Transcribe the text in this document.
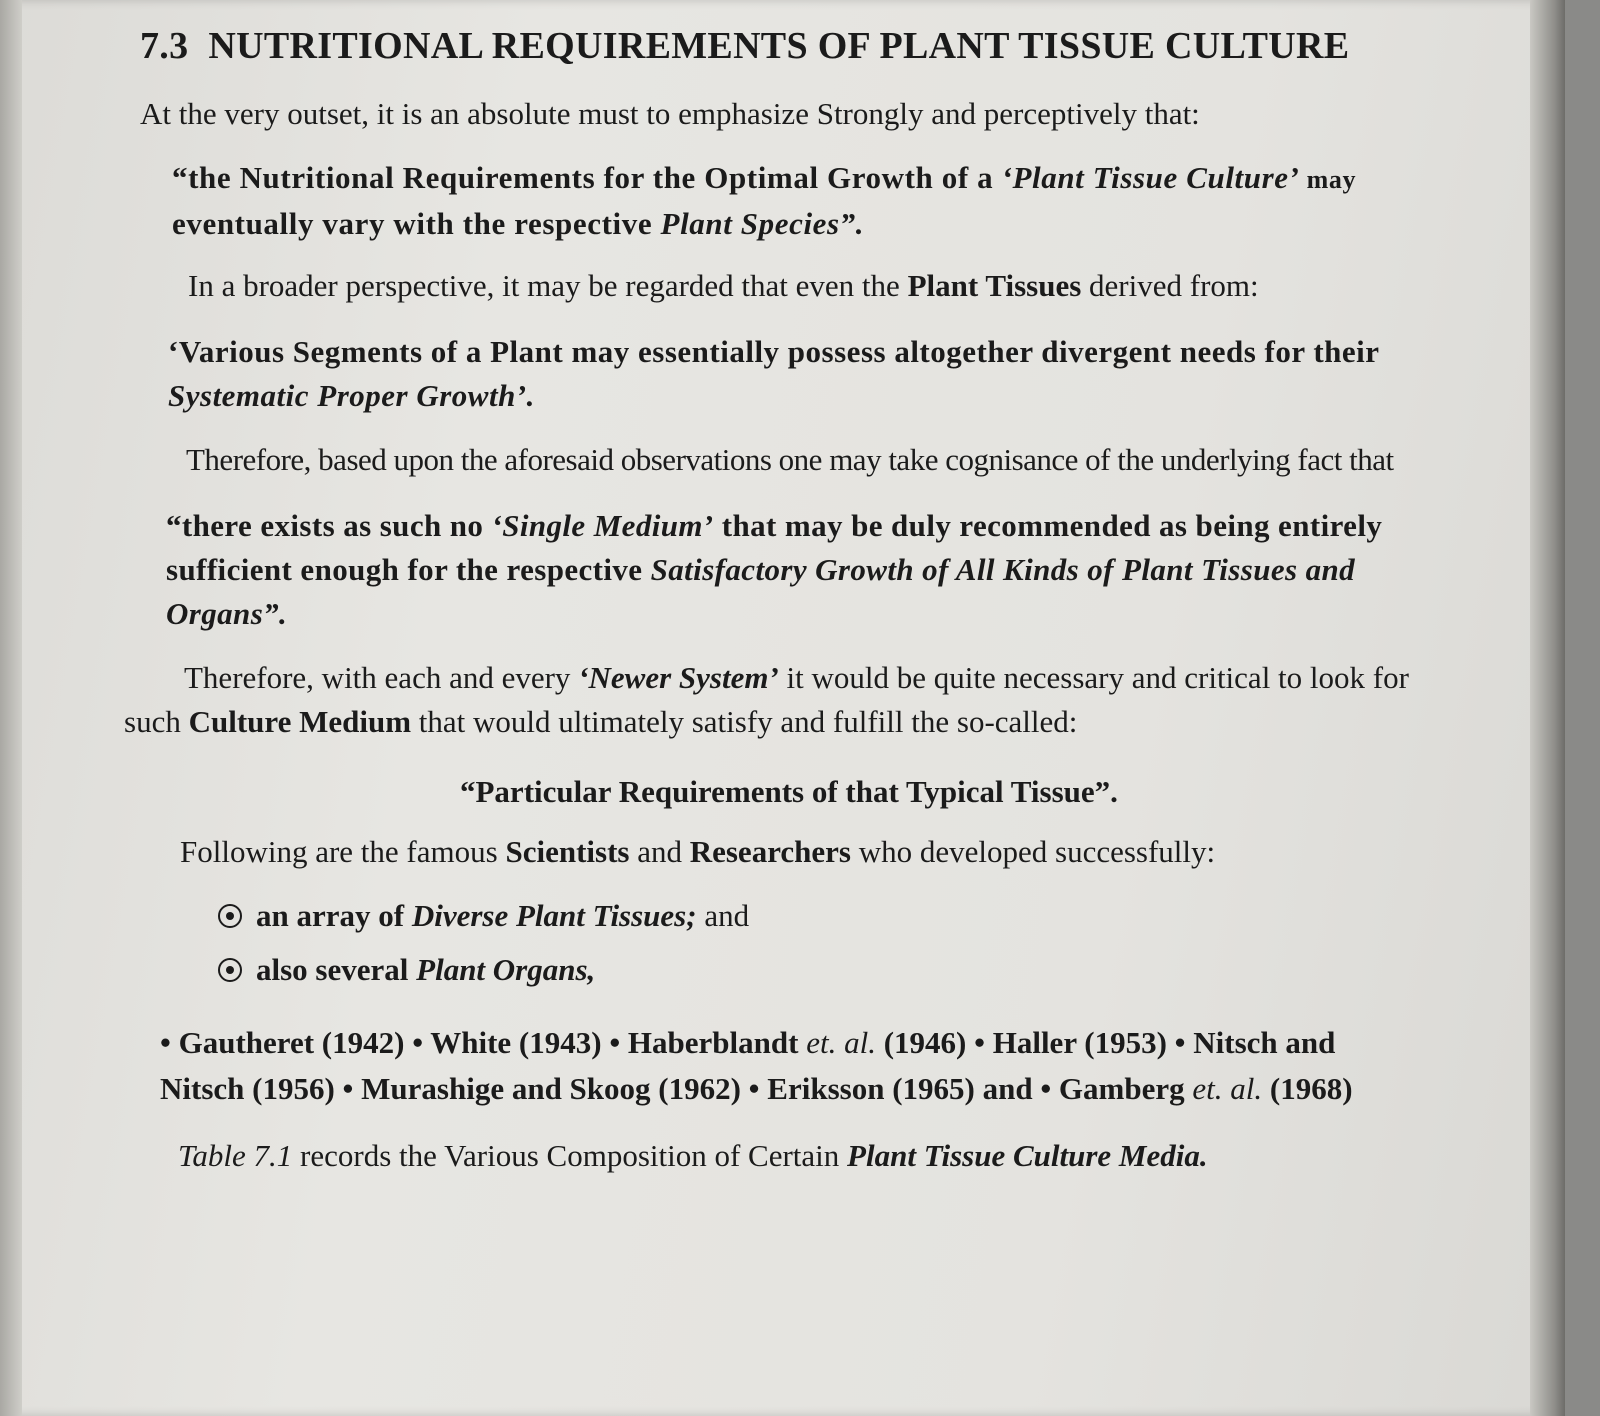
7.3 NUTRITIONAL REQUIREMENTS OF PLANT TISSUE CULTURE

At the very outset, it is an absolute must to emphasize Strongly and perceptively that:

“the Nutritional Requirements for the Optimal Growth of a ‘Plant Tissue Culture’ may
eventually vary with the respective Plant Species”.

In a broader perspective, it may be regarded that even the Plant Tissues derived from:

‘Various Segments of a Plant may essentially possess altogether divergent needs for their
Systematic Proper Growth’.

Therefore, based upon the aforesaid observations one may take cognisance of the underlying fact that

“there exists as such no ‘Single Medium’ that may be duly recommended as being entirely
sufficient enough for the respective Satisfactory Growth of All Kinds of Plant Tissues and
Organs”.

Therefore, with each and every ‘Newer System’ it would be quite necessary and critical to look for
such Culture Medium that would ultimately satisfy and fulfill the so-called:

“Particular Requirements of that Typical Tissue”.

Following are the famous Scientists and Researchers who developed successfully:

an array of Diverse Plant Tissues; and
also several Plant Organs,

• Gautheret (1942) • White (1943) • Haberblandt et. al. (1946) • Haller (1953) • Nitsch and
Nitsch (1956) • Murashige and Skoog (1962) • Eriksson (1965) and • Gamberg et. al. (1968)

Table 7.1 records the Various Composition of Certain Plant Tissue Culture Media.
